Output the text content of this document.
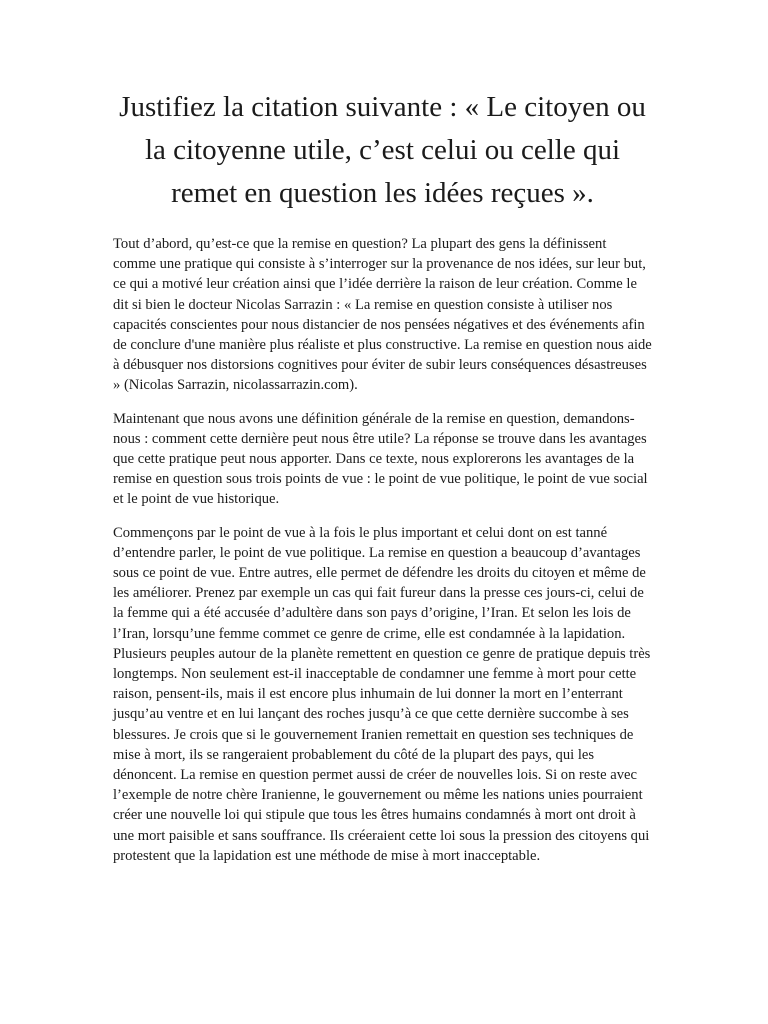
Justifiez la citation suivante : « Le citoyen ou la citoyenne utile, c’est celui ou celle qui remet en question les idées reçues ».

Tout d’abord, qu’est-ce que la remise en question? La plupart des gens la définissent comme une pratique qui consiste à s’interroger sur la provenance de nos idées, sur leur but, ce qui a motivé leur création ainsi que l’idée derrière la raison de leur création. Comme le dit si bien le docteur Nicolas Sarrazin : « La remise en question consiste à utiliser nos capacités conscientes pour nous distancier de nos pensées négatives et des événements afin de conclure d'une manière plus réaliste et plus constructive. La remise en question nous aide à débusquer nos distorsions cognitives pour éviter de subir leurs conséquences désastreuses » (Nicolas Sarrazin, nicolassarrazin.com).

Maintenant que nous avons une définition générale de la remise en question, demandons-nous : comment cette dernière peut nous être utile? La réponse se trouve dans les avantages que cette pratique peut nous apporter. Dans ce texte, nous explorerons les avantages de la remise en question sous trois points de vue : le point de vue politique, le point de vue social et le point de vue historique.

Commençons par le point de vue à la fois le plus important et celui dont on est tanné d’entendre parler, le point de vue politique. La remise en question a beaucoup d’avantages sous ce point de vue. Entre autres, elle permet de défendre les droits du citoyen et même de les améliorer. Prenez par exemple un cas qui fait fureur dans la presse ces jours-ci, celui de la femme qui a été accusée d’adultère dans son pays d’origine, l’Iran. Et selon les lois de l’Iran, lorsqu’une femme commet ce genre de crime, elle est condamnée à la lapidation. Plusieurs peuples autour de la planète remettent en question ce genre de pratique depuis très longtemps. Non seulement est-il inacceptable de condamner une femme à mort pour cette raison, pensent-ils, mais il est encore plus inhumain de lui donner la mort en l’enterrant jusqu’au ventre et en lui lançant des roches jusqu’à ce que cette dernière succombe à ses blessures. Je crois que si le gouvernement Iranien remettait en question ses techniques de mise à mort, ils se rangeraient probablement du côté de la plupart des pays, qui les dénoncent. La remise en question permet aussi de créer de nouvelles lois. Si on reste avec l’exemple de notre chère Iranienne, le gouvernement ou même les nations unies pourraient créer une nouvelle loi qui stipule que tous les êtres humains condamnés à mort ont droit à une mort paisible et sans souffrance. Ils créeraient cette loi sous la pression des citoyens qui protestent que la lapidation est une méthode de mise à mort inacceptable.
